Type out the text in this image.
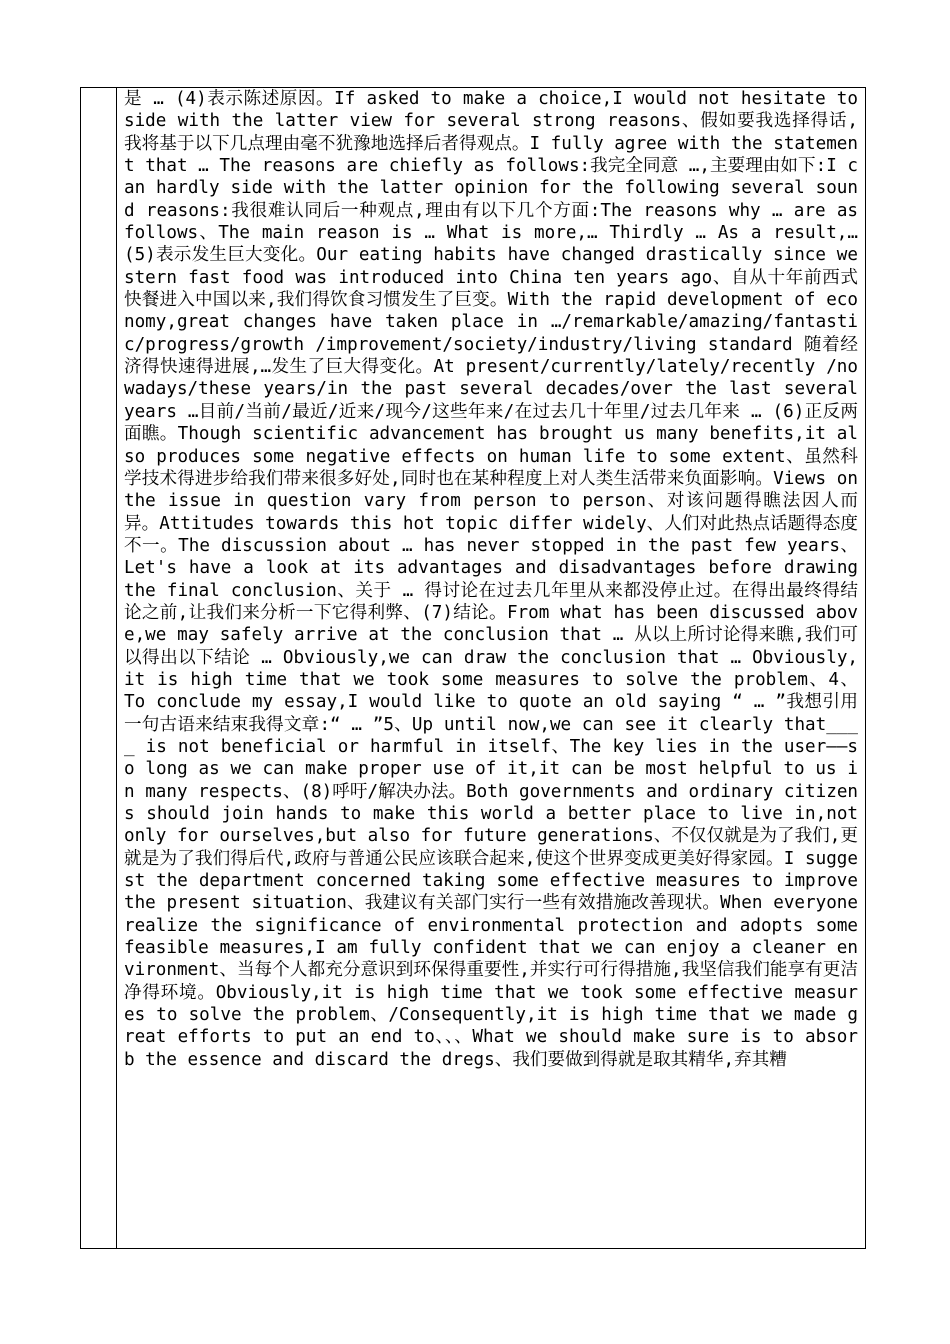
是 … (4)表示陈述原因。If asked to make a choice,I would not hesitate to side with the latter view for several strong reasons、假如要我选择得话,我将基于以下几点理由毫不犹豫地选择后者得观点。I fully agree with the statement that … The reasons are chiefly as follows:我完全同意 …,主要理由如下:I can hardly side with the latter opinion for the following several sound reasons:我很难认同后一种观点,理由有以下几个方面:The reasons why … are as follows、The main reason is … What is more,… Thirdly … As a result,… (5)表示发生巨大变化。Our eating habits have changed drastically since western fast food was introduced into China ten years ago、自从十年前西式快餐进入中国以来,我们得饮食习惯发生了巨变。With the rapid development of economy,great changes have taken place in …/remarkable/amazing/fantastic/progress/growth /improvement/society/industry/living standard 随着经济得快速得进展,…发生了巨大得变化。At present/currently/lately/recently /nowadays/these years/in the past several decades/over the last several years …目前/当前/最近/近来/现今/这些年来/在过去几十年里/过去几年来 … (6)正反两面瞧。Though scientific advancement has brought us many benefits,it also produces some negative effects on human life to some extent、虽然科学技术得进步给我们带来很多好处,同时也在某种程度上对人类生活带来负面影响。Views on the issue in question vary from person to person、对该问题得瞧法因人而异。Attitudes towards this hot topic differ widely、人们对此热点话题得态度不一。The discussion about … has never stopped in the past few years、Let's have a look at its advantages and disadvantages before drawing the final conclusion、关于 … 得讨论在过去几年里从来都没停止过。在得出最终得结论之前,让我们来分析一下它得利弊、(7)结论。From what has been discussed above,we may safely arrive at the conclusion that … 从以上所讨论得来瞧,我们可以得出以下结论 … Obviously,we can draw the conclusion that … Obviously,it is high time that we took some measures to solve the problem、4、 To conclude my essay,I would like to quote an old saying “ … ”我想引用一句古语来结束我得文章:“ … ”5、Up until now,we can see it clearly that____ is not beneficial or harmful in itself、The key lies in the user——so long as we can make proper use of it,it can be most helpful to us in many respects、(8)呼吁/解决办法。Both governments and ordinary citizens should join hands to make this world a better place to live in,not only for ourselves,but also for future generations、不仅仅就是为了我们,更就是为了我们得后代,政府与普通公民应该联合起来,使这个世界变成更美好得家园。I suggest the department concerned taking some effective measures to improve the present situation、我建议有关部门实行一些有效措施改善现状。When everyone realize the significance of environmental protection and adopts some feasible measures,I am fully confident that we can enjoy a cleaner environment、当每个人都充分意识到环保得重要性,并实行可行得措施,我坚信我们能享有更洁净得环境。Obviously,it is high time that we took some effective measures to solve the problem、/Consequently,it is high time that we made great efforts to put an end to、、、What we should make sure is to absorb the essence and discard the dregs、我们要做到得就是取其精华,弃其糟
